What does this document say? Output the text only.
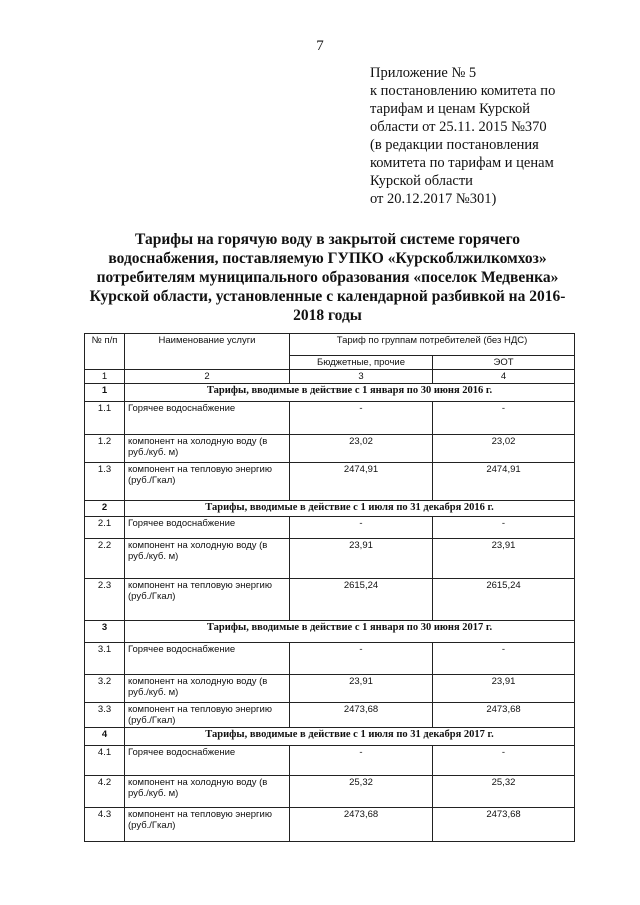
7
Приложение № 5
к постановлению комитета по
тарифам и ценам Курской
области от 25.11. 2015 №370
(в редакции постановления
комитета по тарифам и ценам
Курской области
от 20.12.2017 №301)
Тарифы на горячую воду в закрытой системе горячего
водоснабжения, поставляемую ГУПКО «Курскоблжилкомхоз»
потребителям муниципального образования «поселок Медвенка»
Курской области, установленные с календарной разбивкой на 2016-
2018 годы
№ п/п	Наименование услуги	Тариф по группам потребителей (без НДС)	
		Бюджетные, прочие	ЭОТ
1	2	3	4
1	Тарифы, вводимые в действие с 1 января по 30 июня 2016 г.		
1.1	Горячее водоснабжение	-	-
1.2	компонент на холодную воду (в руб./куб. м)	23,02	23,02
1.3	компонент на тепловую энергию (руб./Гкал)	2474,91	2474,91
2	Тарифы, вводимые в действие с 1 июля по 31 декабря 2016 г.		
2.1	Горячее водоснабжение	-	-
2.2	компонент на холодную воду (в руб./куб. м)	23,91	23,91
2.3	компонент на тепловую энергию (руб./Гкал)	2615,24	2615,24
3	Тарифы, вводимые в действие с 1 января по 30 июня 2017 г.		
3.1	Горячее водоснабжение	-	-
3.2	компонент на холодную воду (в руб./куб. м)	23,91	23,91
3.3	компонент на тепловую энергию (руб./Гкал)	2473,68	2473,68
4	Тарифы, вводимые в действие с 1 июля по 31 декабря 2017 г.		
4.1	Горячее водоснабжение	-	-
4.2	компонент на холодную воду (в руб./куб. м)	25,32	25,32
4.3	компонент на тепловую энергию (руб./Гкал)	2473,68	2473,68
